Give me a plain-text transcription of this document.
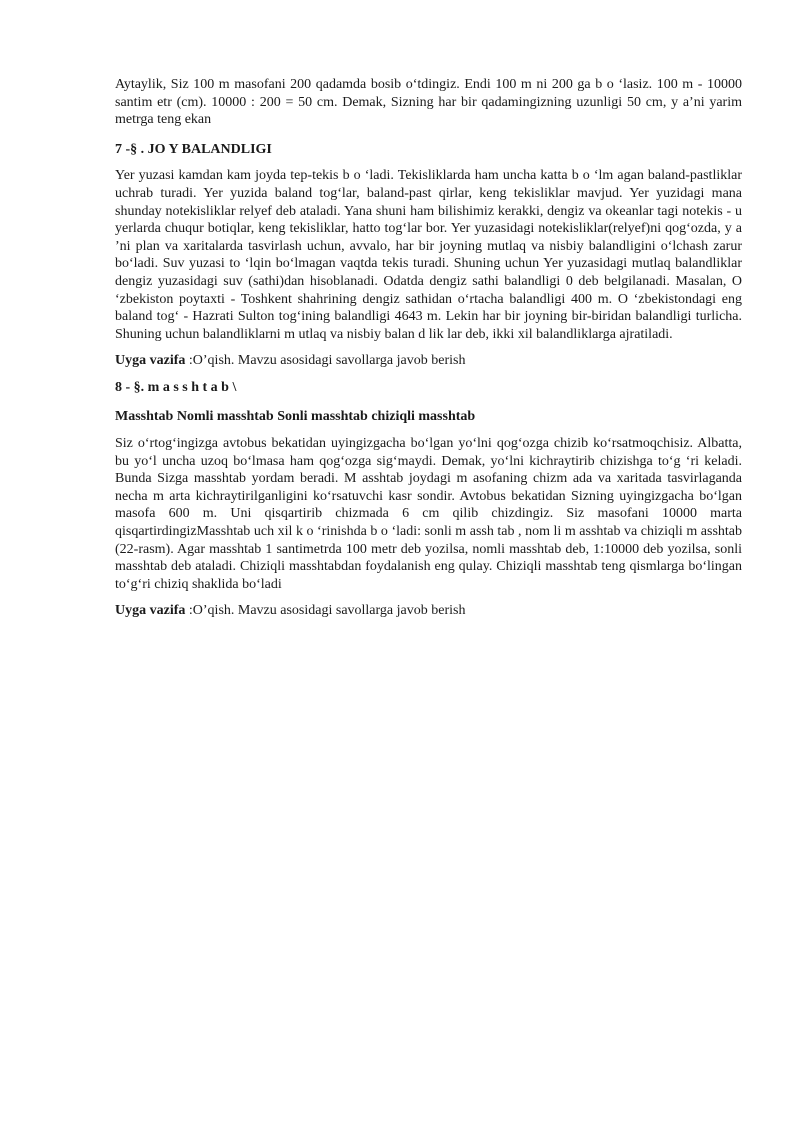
Aytaylik, Siz 100 m masofani 200 qadamda bosib o‘tdingiz. Endi 100 m ni 200 ga b o ‘lasiz. 100 m - 10000 santim etr (cm). 10000 : 200 = 50 cm. Demak, Sizning har bir qadamingizning uzunligi 50 cm, y a’ni yarim metrga teng ekan

7 -§ . JO Y BALANDLIGI

Yer yuzasi kamdan kam joyda tep-tekis b o ‘ladi. Tekisliklarda ham uncha katta b o ‘lm agan baland-pastliklar uchrab turadi. Yer yuzida baland tog‘lar, baland-past qirlar, keng tekisliklar mavjud. Yer yuzidagi mana shunday notekisliklar relyef deb ataladi. Yana shuni ham bilishimiz kerakki, dengiz va okeanlar tagi notekis - u yerlarda chuqur botiqlar, keng tekisliklar, hatto tog‘lar bor. Yer yuzasidagi notekisliklar(relyef)ni qog‘ozda, y a ’ni plan va xaritalarda tasvirlash uchun, avvalo, har bir joyning mutlaq va nisbiy balandligini o‘lchash zarur bo‘ladi. Suv yuzasi to ‘lqin bo‘lmagan vaqtda tekis turadi. Shuning uchun Yer yuzasidagi mutlaq balandliklar dengiz yuzasidagi suv (sathi)dan hisoblanadi. Odatda dengiz sathi balandligi 0 deb belgilanadi. Masalan, O ‘zbekiston poytaxti - Toshkent shahrining dengiz sathidan o‘rtacha balandligi 400 m. O ‘zbekistondagi eng baland tog‘ - Hazrati Sulton tog‘ining balandligi 4643 m. Lekin har bir joyning bir-biridan balandligi turlicha. Shuning uchun balandliklarni m utlaq va nisbiy balan d lik lar deb, ikki xil balandliklarga ajratiladi.

Uyga vazifa :O’qish. Mavzu asosidagi savollarga javob berish

8 - §. m a s s h t a b \
Masshtab Nomli masshtab Sonli masshtab chiziqli masshtab

Siz o‘rtog‘ingizga avtobus bekatidan uyingizgacha bo‘lgan yo‘lni qog‘ozga chizib ko‘rsatmoqchisiz. Albatta, bu yo‘l uncha uzoq bo‘lmasa ham qog‘ozga sig‘maydi. Demak, yo‘lni kichraytirib chizishga to‘g ‘ri keladi. Bunda Sizga masshtab yordam beradi. M asshtab joydagi m asofaning chizm ada va xaritada tasvirlaganda necha m arta kichraytirilganligini ko‘rsatuvchi kasr sondir. Avtobus bekatidan Sizning uyingizgacha bo‘lgan masofa 600 m. Uni qisqartirib chizmada 6 cm qilib chizdingiz. Siz masofani 10000 marta qisqartirdingizMasshtab uch xil k o ‘rinishda b o ‘ladi: sonli m assh tab , nom li m asshtab va chiziqli m asshtab (22-rasm). Agar masshtab 1 santimetrda 100 metr deb yozilsa, nomli masshtab deb, 1:10000 deb yozilsa, sonli masshtab deb ataladi. Chiziqli masshtabdan foydalanish eng qulay. Chiziqli masshtab teng qismlarga bo‘lingan to‘g‘ri chiziq shaklida bo‘ladi

Uyga vazifa :O’qish. Mavzu asosidagi savollarga javob berish
